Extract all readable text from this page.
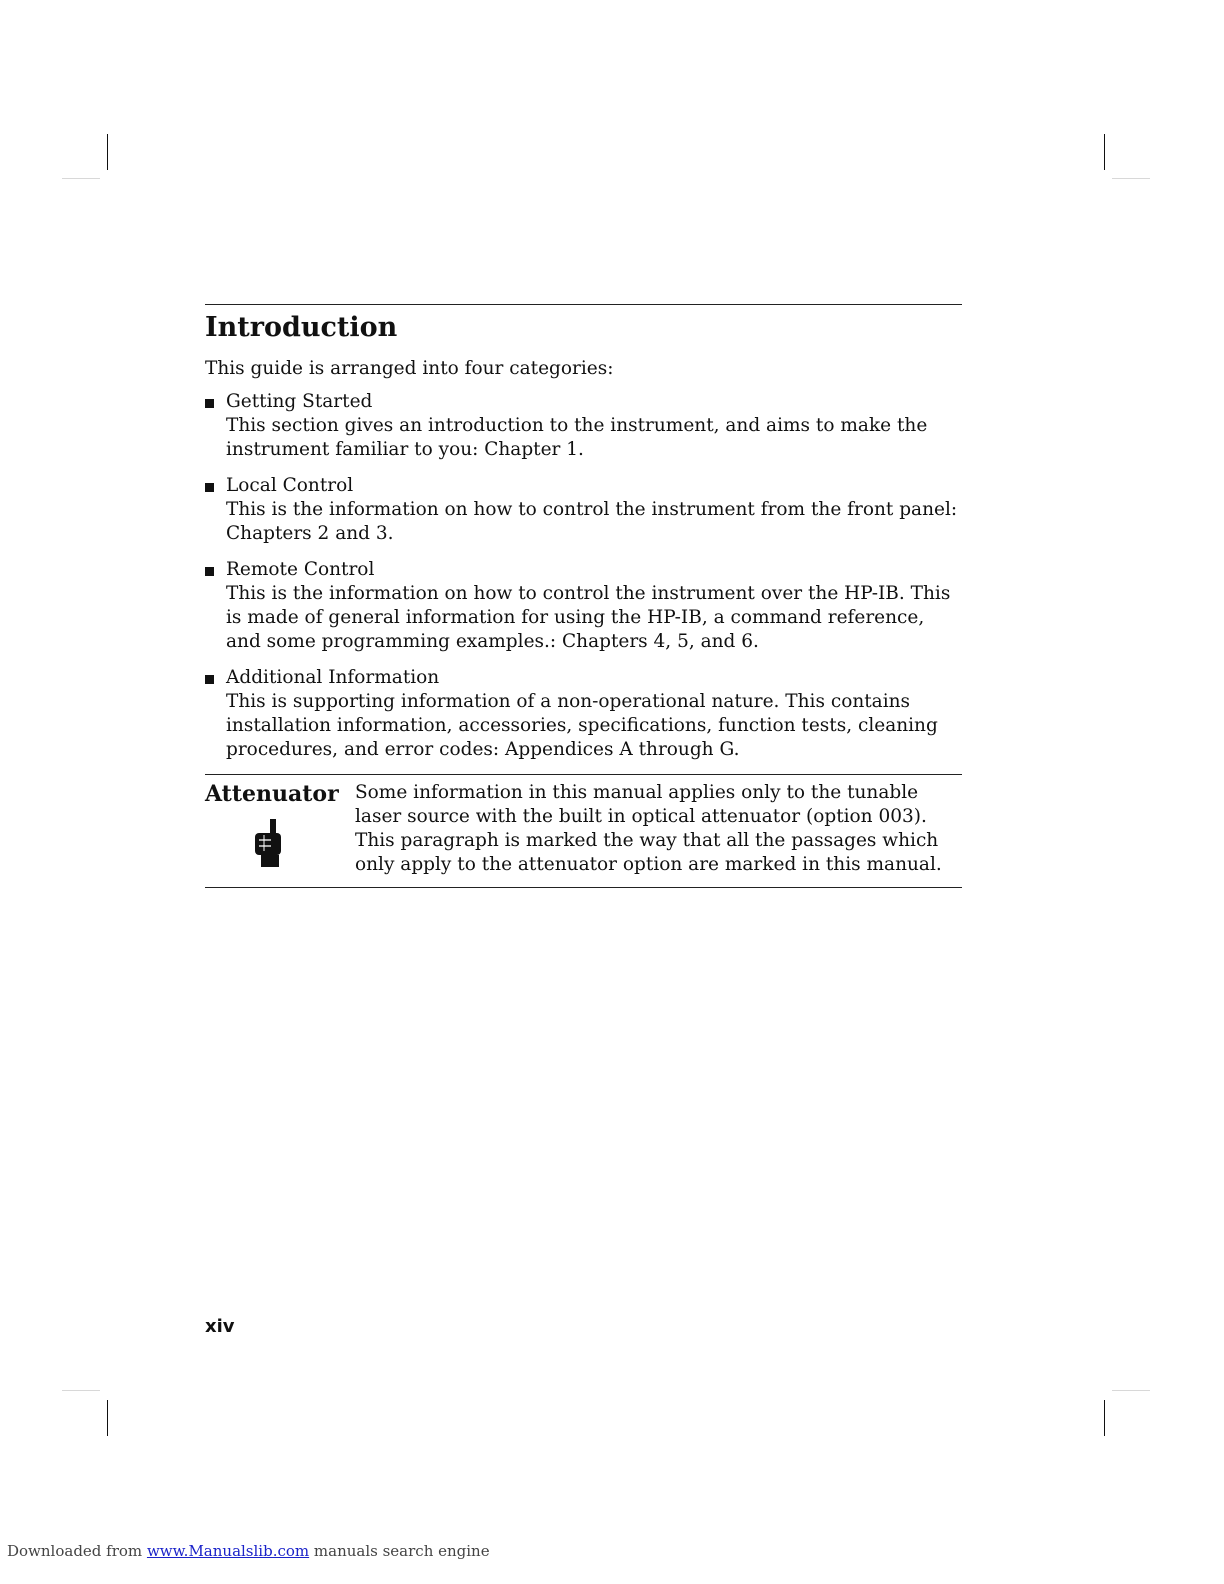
Introduction

This guide is arranged into four categories:

Getting Started
This section gives an introduction to the instrument, and aims to make the instrument familiar to you: Chapter 1.
Local Control
This is the information on how to control the instrument from the front panel: Chapters 2 and 3.
Remote Control
This is the information on how to control the instrument over the HP-IB. This is made of general information for using the HP-IB, a command reference, and some programming examples.: Chapters 4, 5, and 6.
Additional Information
This is supporting information of a non-operational nature. This contains installation information, accessories, specifications, function tests, cleaning procedures, and error codes: Appendices A through G.
Attenuator Some information in this manual applies only to the tunable laser source with the built in optical attenuator (option 003). This paragraph is marked the way that all the passages which only apply to the attenuator option are marked in this manual.
xiv
Downloaded from www.Manualslib.com manuals search engine
